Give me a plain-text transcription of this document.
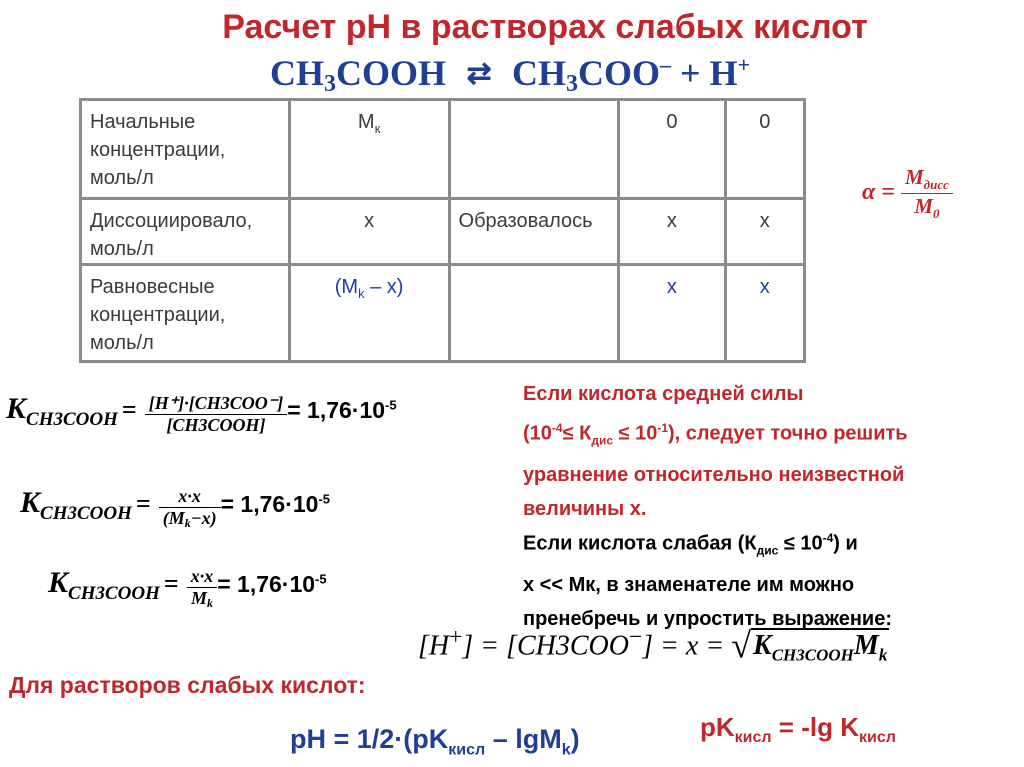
Расчет рН в растворах слабых кислот
$CH_3COOH$ ⇄ $CH_3COO^- + H^+$
Начальные концентрации, моль/л	$M_к$		0	0
Диссоциировало, моль/л	x	Образовалось	x	x
Равновесные концентрации, моль/л	$(M_k - x)$		x	x
$\alpha = \frac{M_{дисс}}{M_0}$
KCH3COOH = $\frac{\text{[H⁺]·[CH3COO⁻]}}{\text{[CH3COOH]}} = 1,76\cdot 10^{-5}$
KCH3COOH = $\frac{x\cdot x}{(M_k-x)} = 1,76\cdot 10^{-5}$
KCH3COOH = $\frac{x\cdot x}{M_k} = 1,76\cdot 10^{-5}$
Если кислота средней силы
$(10^{-4}\le К_{дис} \le 10^{-1})$, следует точно решить
уравнение относительно неизвестной
величины x.
Если кислота слабая $(К_{дис} \le 10^{-4})$ и
x << Мк, в знаменателе им можно
пренебречь и упростить выражение:
$[H^+] = [CH3COO^-] = x = √K_{CH3COOH}M_k$
Для растворов слабых кислот:
pH = $1/2\cdot(pK_{кисл} - \lg M_k)$	$pK_{кисл} = -\lg$ $K_{кисл}$
